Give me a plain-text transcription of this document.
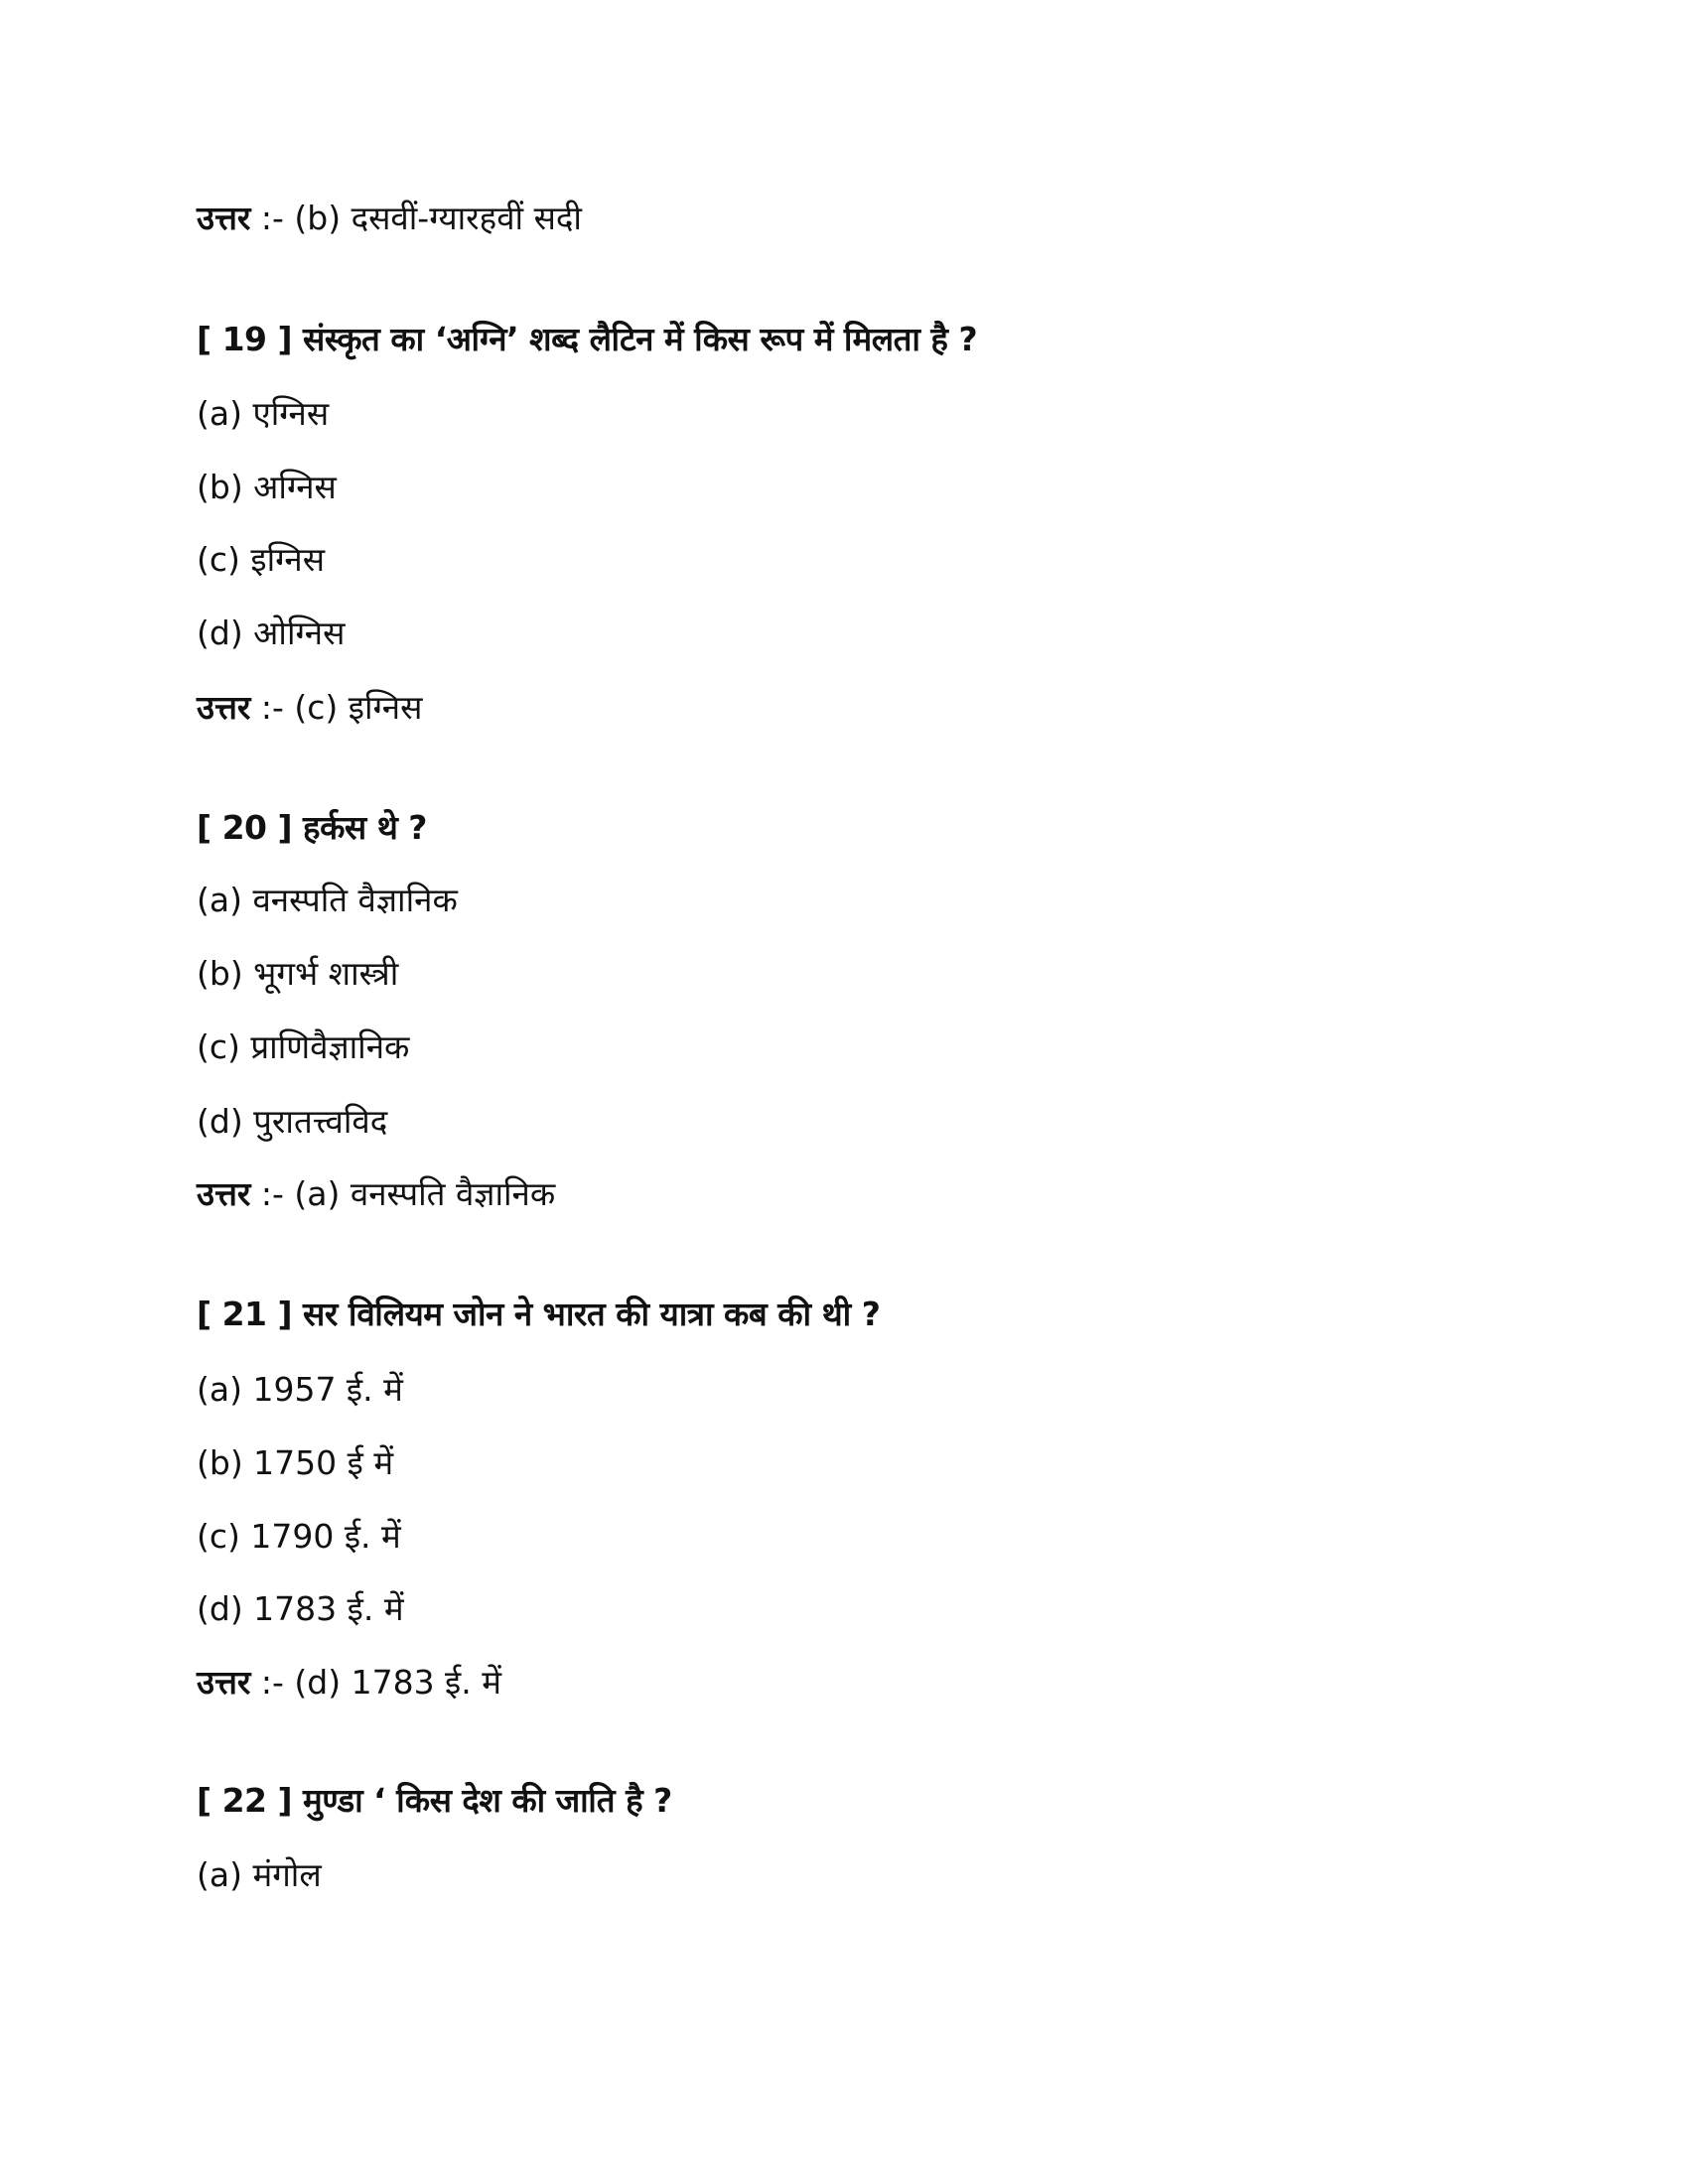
उत्तर :- (b) दसवीं-ग्यारहवीं सदी
[ 19 ] संस्कृत का ‘अग्नि’ शब्द लैटिन में किस रूप में मिलता है ?
(a) एग्निस
(b) अग्निस
(c) इग्निस
(d) ओग्निस
उत्तर :- (c) इग्निस
[ 20 ] हर्कस थे ?
(a) वनस्पति वैज्ञानिक
(b) भूगर्भ शास्त्री
(c) प्राणिवैज्ञानिक
(d) पुरातत्त्वविद
उत्तर :- (a) वनस्पति वैज्ञानिक
[ 21 ] सर विलियम जोन ने भारत की यात्रा कब की थी ?
(a) 1957 ई. में
(b) 1750 ई में
(c) 1790 ई. में
(d) 1783 ई. में
उत्तर :- (d) 1783 ई. में
[ 22 ] मुण्डा ‘ किस देश की जाति है ?
(a) मंगोल
